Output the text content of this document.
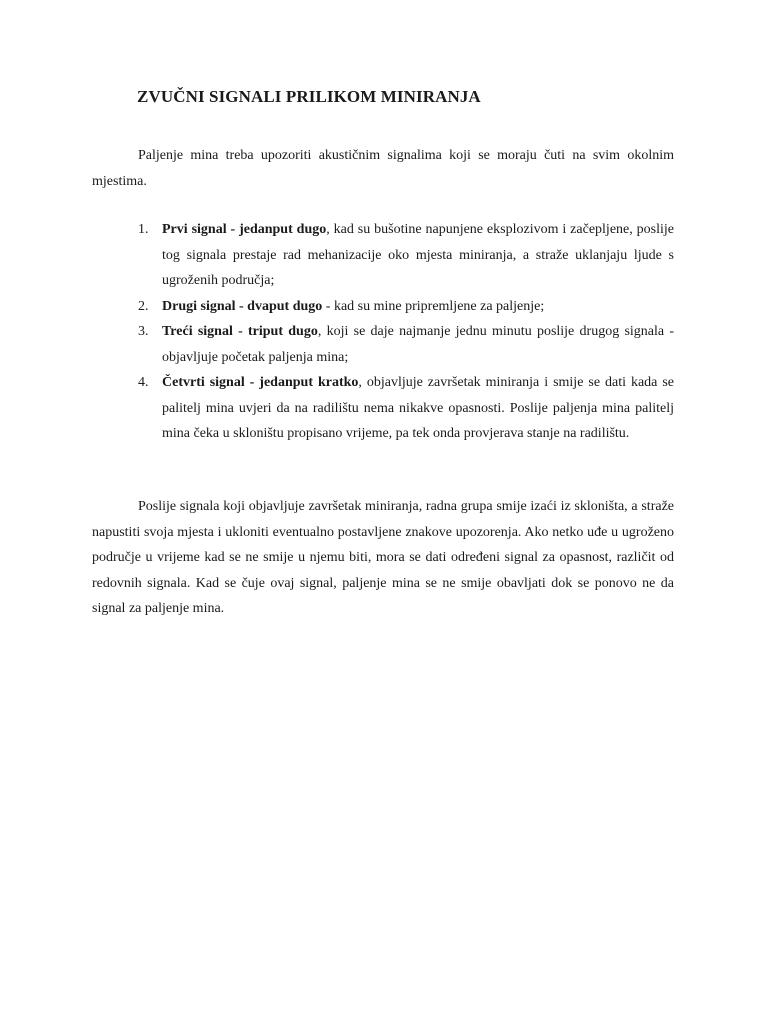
ZVUČNI SIGNALI PRILIKOM MINIRANJA

Paljenje mina treba upozoriti akustičnim signalima koji se moraju čuti na svim okolnim mjestima.

1. Prvi signal - jedanput dugo, kad su bušotine napunjene eksplozivom i začepljene, poslije tog signala prestaje rad mehanizacije oko mjesta miniranja, a straže uklanjaju ljude s ugroženih područja;
2. Drugi signal - dvaput dugo - kad su mine pripremljene za paljenje;
3. Treći signal - triput dugo, koji se daje najmanje jednu minutu poslije drugog signala - objavljuje početak paljenja mina;
4. Četvrti signal - jedanput kratko, objavljuje završetak miniranja i smije se dati kada se palitelj mina uvjeri da na radilištu nema nikakve opasnosti. Poslije paljenja mina palitelj mina čeka u skloništu propisano vrijeme, pa tek onda provjerava stanje na radilištu.

Poslije signala koji objavljuje završetak miniranja, radna grupa smije izaći iz skloništa, a straže napustiti svoja mjesta i ukloniti eventualno postavljene znakove upozorenja. Ako netko uđe u ugroženo područje u vrijeme kad se ne smije u njemu biti, mora se dati određeni signal za opasnost, različit od redovnih signala. Kad se čuje ovaj signal, paljenje mina se ne smije obavljati dok se ponovo ne da signal za paljenje mina.
